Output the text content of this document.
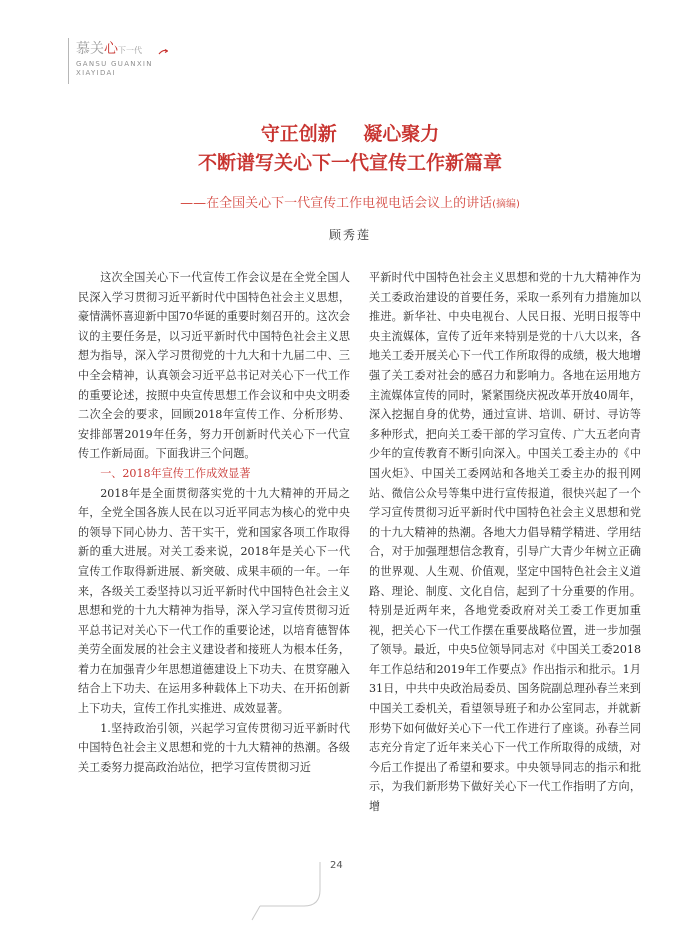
慕关心下一代
GANSU GUANXIN
XIAYIDAI
守正创新    凝心聚力
不断谱写关心下一代宣传工作新篇章
——在全国关心下一代宣传工作电视电话会议上的讲话(摘编)
顾秀莲

这次全国关心下一代宣传工作会议是在全党全国人民深入学习贯彻习近平新时代中国特色社会主义思想，豪情满怀喜迎新中国70华诞的重要时刻召开的。这次会议的主要任务是，以习近平新时代中国特色社会主义思想为指导，深入学习贯彻党的十九大和十九届二中、三中全会精神，认真领会习近平总书记对关心下一代工作的重要论述，按照中央宣传思想工作会议和中央文明委二次全会的要求，回顾2018年宣传工作、分析形势、安排部署2019年任务，努力开创新时代关心下一代宣传工作新局面。下面我讲三个问题。

一、2018年宣传工作成效显著

2018年是全面贯彻落实党的十九大精神的开局之年，全党全国各族人民在以习近平同志为核心的党中央的领导下同心协力、苦干实干，党和国家各项工作取得新的重大进展。对关工委来说，2018年是关心下一代宣传工作取得新进展、新突破、成果丰硕的一年。一年来，各级关工委坚持以习近平新时代中国特色社会主义思想和党的十九大精神为指导，深入学习宣传贯彻习近平总书记对关心下一代工作的重要论述，以培育德智体美劳全面发展的社会主义建设者和接班人为根本任务，着力在加强青少年思想道德建设上下功夫、在贯穿融入结合上下功夫、在运用多种载体上下功夫、在开拓创新上下功夫，宣传工作扎实推进、成效显著。

1.坚持政治引领，兴起学习宣传贯彻习近平新时代中国特色社会主义思想和党的十九大精神的热潮。各级关工委努力提高政治站位，把学习宣传贯彻习近

平新时代中国特色社会主义思想和党的十九大精神作为关工委政治建设的首要任务，采取一系列有力措施加以推进。新华社、中央电视台、人民日报、光明日报等中央主流媒体，宣传了近年来特别是党的十八大以来，各地关工委开展关心下一代工作所取得的成绩，极大地增强了关工委对社会的感召力和影响力。各地在运用地方主流媒体宣传的同时，紧紧围绕庆祝改革开放40周年，深入挖掘自身的优势，通过宣讲、培训、研讨、寻访等多种形式，把向关工委干部的学习宣传、广大五老向青少年的宣传教育不断引向深入。中国关工委主办的《中国火炬》、中国关工委网站和各地关工委主办的报刊网站、微信公众号等集中进行宣传报道，很快兴起了一个学习宣传贯彻习近平新时代中国特色社会主义思想和党的十九大精神的热潮。各地大力倡导精学精进、学用结合，对于加强理想信念教育，引导广大青少年树立正确的世界观、人生观、价值观，坚定中国特色社会主义道路、理论、制度、文化自信，起到了十分重要的作用。特别是近两年来，各地党委政府对关工委工作更加重视，把关心下一代工作摆在重要战略位置，进一步加强了领导。最近，中央5位领导同志对《中国关工委2018年工作总结和2019年工作要点》作出指示和批示。1月31日，中共中央政治局委员、国务院副总理孙春兰来到中国关工委机关，看望领导班子和办公室同志，并就新形势下如何做好关心下一代工作进行了座谈。孙春兰同志充分肯定了近年来关心下一代工作所取得的成绩，对今后工作提出了希望和要求。中央领导同志的指示和批示，为我们新形势下做好关心下一代工作指明了方向，增

24
